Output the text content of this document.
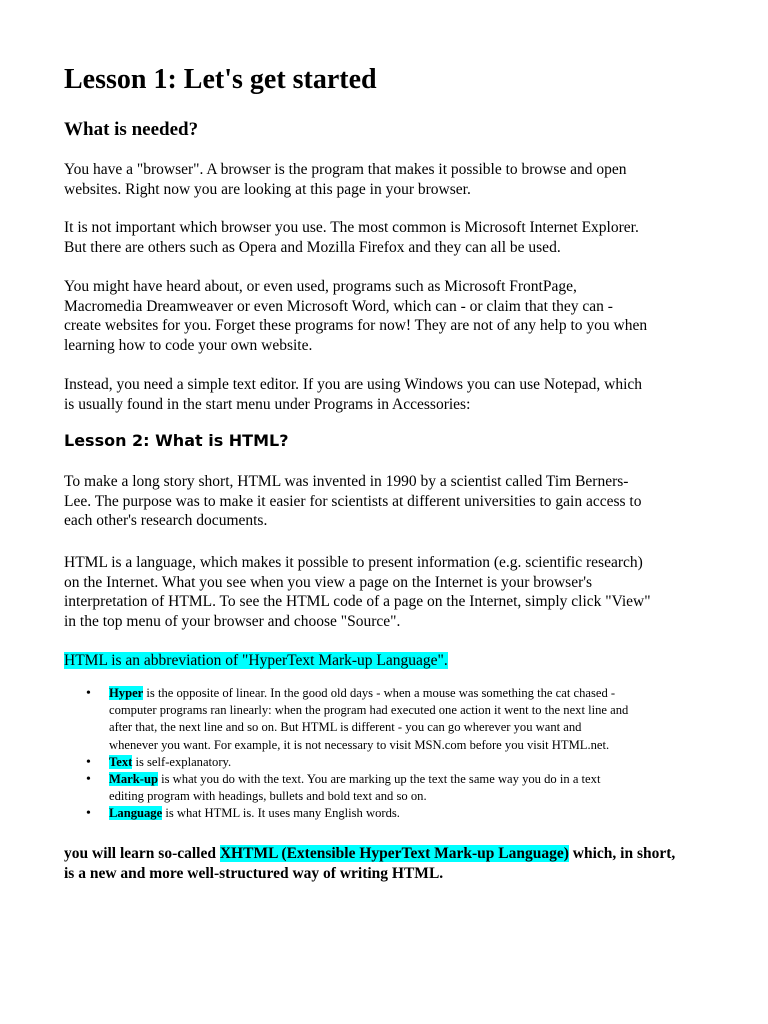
Lesson 1: Let's get started
What is needed?

You have a "browser". A browser is the program that makes it possible to browse and open
websites. Right now you are looking at this page in your browser.

It is not important which browser you use. The most common is Microsoft Internet Explorer.
But there are others such as Opera and Mozilla Firefox and they can all be used.

You might have heard about, or even used, programs such as Microsoft FrontPage,
Macromedia Dreamweaver or even Microsoft Word, which can - or claim that they can -
create websites for you. Forget these programs for now! They are not of any help to you when
learning how to code your own website.

Instead, you need a simple text editor. If you are using Windows you can use Notepad, which
is usually found in the start menu under Programs in Accessories:

Lesson 2: What is HTML?

To make a long story short, HTML was invented in 1990 by a scientist called Tim Berners-
Lee. The purpose was to make it easier for scientists at different universities to gain access to
each other's research documents.

HTML is a language, which makes it possible to present information (e.g. scientific research)
on the Internet. What you see when you view a page on the Internet is your browser's
interpretation of HTML. To see the HTML code of a page on the Internet, simply click "View"
in the top menu of your browser and choose "Source".

HTML is an abbreviation of "HyperText Mark-up Language".

• Hyper is the opposite of linear. In the good old days - when a mouse was something the cat chased -
computer programs ran linearly: when the program had executed one action it went to the next line and
after that, the next line and so on. But HTML is different - you can go wherever you want and
whenever you want. For example, it is not necessary to visit MSN.com before you visit HTML.net.
• Text is self-explanatory.
• Mark-up is what you do with the text. You are marking up the text the same way you do in a text
editing program with headings, bullets and bold text and so on.
• Language is what HTML is. It uses many English words.

you will learn so-called XHTML (Extensible HyperText Mark-up Language) which, in short,
is a new and more well-structured way of writing HTML.
